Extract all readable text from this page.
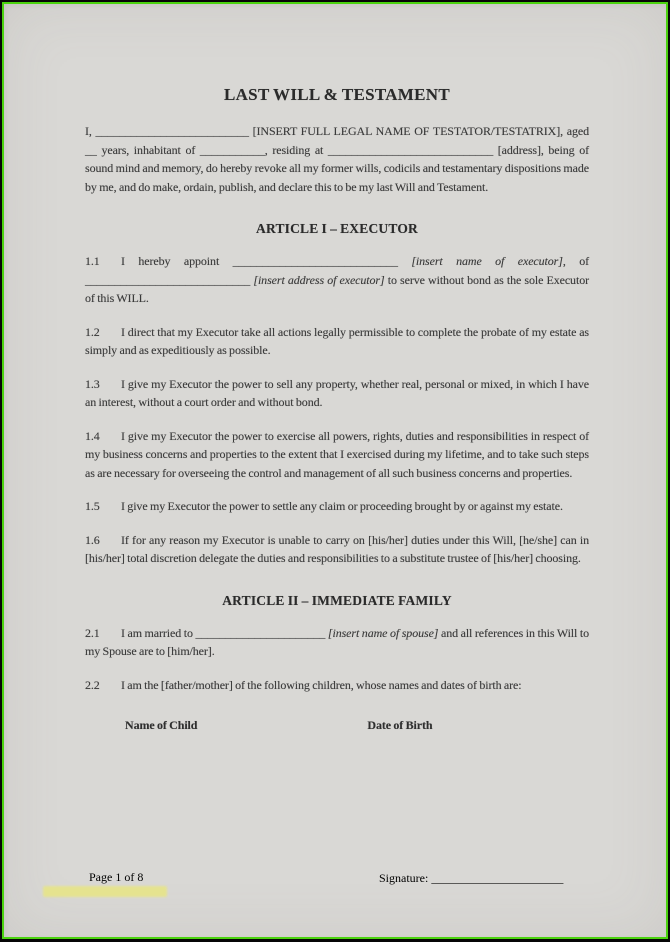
LAST WILL & TESTAMENT

I, __________________________ [INSERT FULL LEGAL NAME OF TESTATOR/TESTATRIX], aged __ years, inhabitant of ___________, residing at ____________________________ [address], being of sound mind and memory, do hereby revoke all my former wills, codicils and testamentary dispositions made by me, and do make, ordain, publish, and declare this to be my last Will and Testament.

ARTICLE I – EXECUTOR

1.1 I hereby appoint ____________________________ [insert name of executor], of ____________________________ [insert address of executor] to serve without bond as the sole Executor of this WILL.

1.2 I direct that my Executor take all actions legally permissible to complete the probate of my estate as simply and as expeditiously as possible.

1.3 I give my Executor the power to sell any property, whether real, personal or mixed, in which I have an interest, without a court order and without bond.

1.4 I give my Executor the power to exercise all powers, rights, duties and responsibilities in respect of my business concerns and properties to the extent that I exercised during my lifetime, and to take such steps as are necessary for overseeing the control and management of all such business concerns and properties.

1.5 I give my Executor the power to settle any claim or proceeding brought by or against my estate.

1.6 If for any reason my Executor is unable to carry on [his/her] duties under this Will, [he/she] can in [his/her] total discretion delegate the duties and responsibilities to a substitute trustee of [his/her] choosing.

ARTICLE II – IMMEDIATE FAMILY

2.1 I am married to ______________________ [insert name of spouse] and all references in this Will to my Spouse are to [him/her].

2.2 I am the [father/mother] of the following children, whose names and dates of birth are:

Name of Child	Date of Birth
Page 1 of 8	Signature: ______________________
